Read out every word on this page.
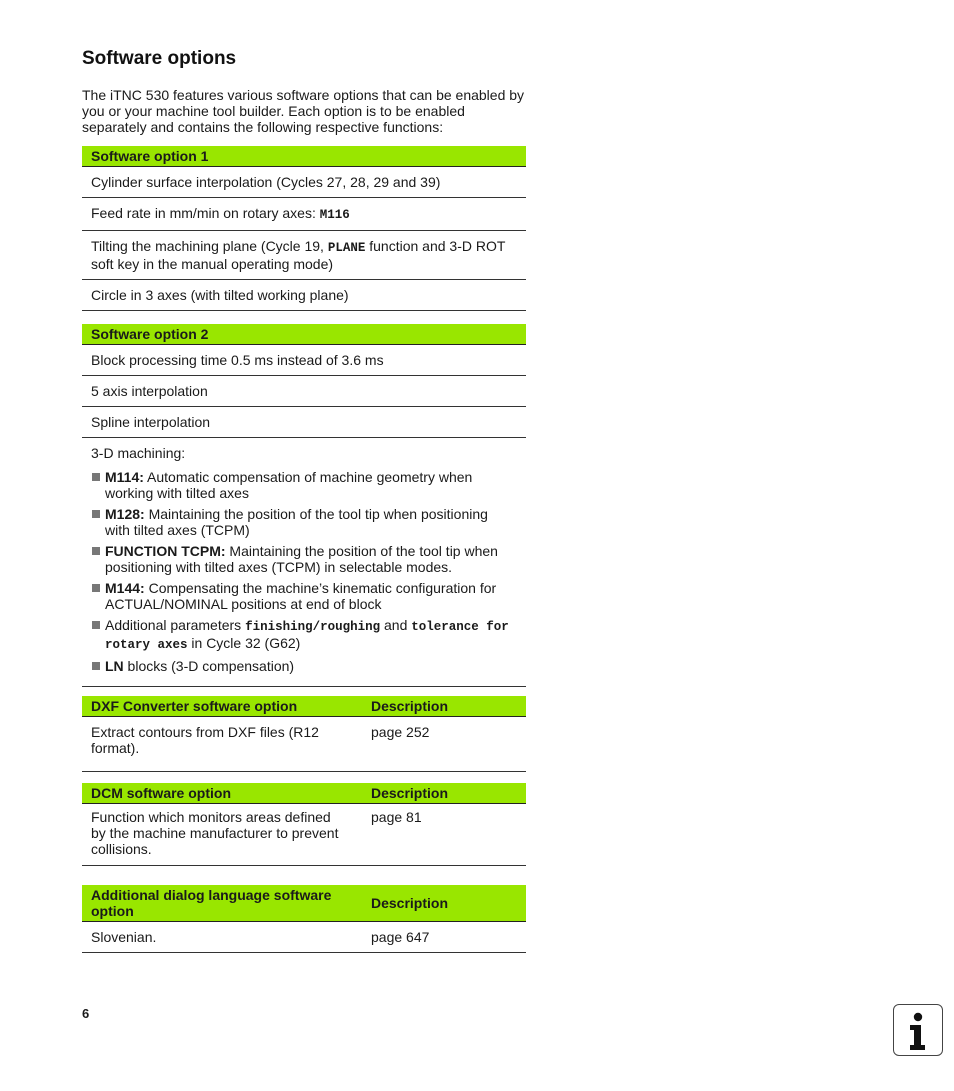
Software options

The iTNC 530 features various software options that can be enabled by you or your machine tool builder. Each option is to be enabled separately and contains the following respective functions:

Software option 1
Cylinder surface interpolation (Cycles 27, 28, 29 and 39)
Feed rate in mm/min on rotary axes: M116
Tilting the machining plane (Cycle 19, PLANE function and 3-D ROT soft key in the manual operating mode)
Circle in 3 axes (with tilted working plane)
Software option 2
Block processing time 0.5 ms instead of 3.6 ms
5 axis interpolation
Spline interpolation

3-D machining:
M114: Automatic compensation of machine geometry when working with tilted axes
M128: Maintaining the position of the tool tip when positioning with tilted axes (TCPM)
FUNCTION TCPM: Maintaining the position of the tool tip when positioning with tilted axes (TCPM) in selectable modes.
M144: Compensating the machine’s kinematic configuration for ACTUAL/NOMINAL positions at end of block
Additional parameters finishing/roughing and tolerance for rotary axes in Cycle 32 (G62)
LN blocks (3-D compensation)
DXF Converter software option	Description
Extract contours from DXF files (R12 format).	page 252
DCM software option	Description
Function which monitors areas defined by the machine manufacturer to prevent collisions.	page 81
Additional dialog language software option	Description
Slovenian.	page 647
6
